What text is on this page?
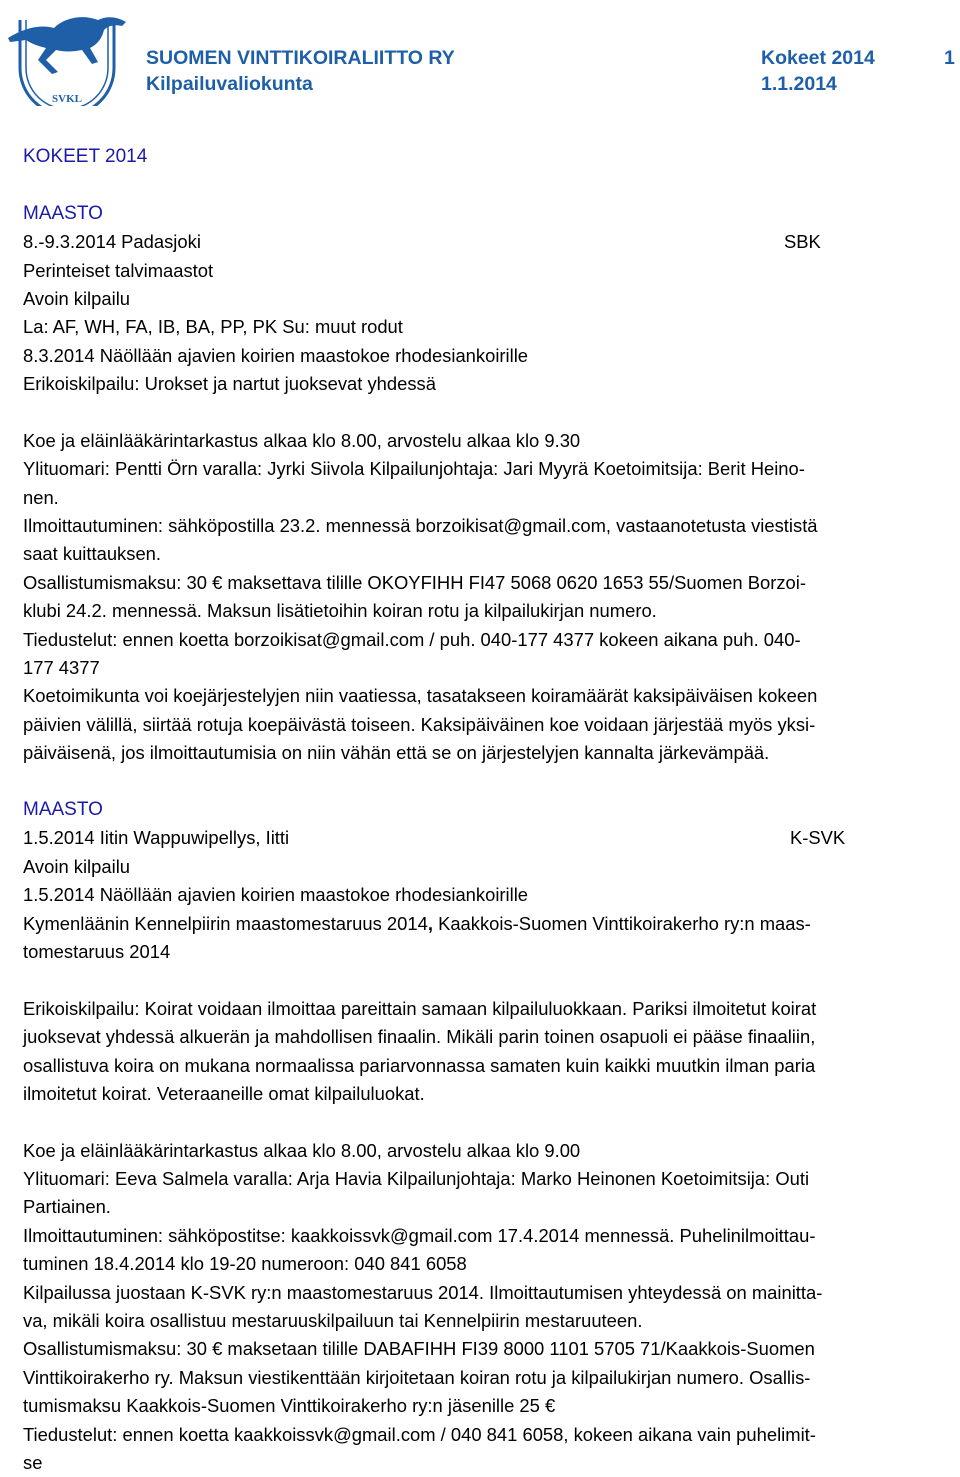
SVKL
SUOMEN VINTTIKOIRALIITTO RY
Kilpailuvaliokunta
Kokeet 2014
1.1.2014
1
KOKEET 2014
MAASTO
8.-9.3.2014 Padasjoki	SBK
Perinteiset talvimaastot
Avoin kilpailu
La: AF, WH, FA, IB, BA, PP, PK Su: muut rodut
8.3.2014 Näöllään ajavien koirien maastokoe rhodesiankoirille
Erikoiskilpailu: Urokset ja nartut juoksevat yhdessä
Koe ja eläinlääkärintarkastus alkaa klo 8.00, arvostelu alkaa klo 9.30
Ylituomari: Pentti Örn varalla: Jyrki Siivola Kilpailunjohtaja: Jari Myyrä Koetoimitsija: Berit Heino-
nen.
Ilmoittautuminen: sähköpostilla 23.2. mennessä borzoikisat@gmail.com, vastaanotetusta viestistä
saat kuittauksen.
Osallistumismaksu: 30 € maksettava tilille OKOYFIHH FI47 5068 0620 1653 55/Suomen Borzoi-
klubi 24.2. mennessä. Maksun lisätietoihin koiran rotu ja kilpailukirjan numero.
Tiedustelut: ennen koetta borzoikisat@gmail.com / puh. 040-177 4377 kokeen aikana puh. 040-
177 4377
Koetoimikunta voi koejärjestelyjen niin vaatiessa, tasatakseen koiramäärät kaksipäiväisen kokeen
päivien välillä, siirtää rotuja koepäivästä toiseen. Kaksipäiväinen koe voidaan järjestää myös yksi-
päiväisenä, jos ilmoittautumisia on niin vähän että se on järjestelyjen kannalta järkevämpää.
MAASTO
1.5.2014 Iitin Wappuwipellys, Iitti	K-SVK
Avoin kilpailu
1.5.2014 Näöllään ajavien koirien maastokoe rhodesiankoirille
Kymenläänin Kennelpiirin maastomestaruus 2014, Kaakkois-Suomen Vinttikoirakerho ry:n maas-
tomestaruus 2014
Erikoiskilpailu: Koirat voidaan ilmoittaa pareittain samaan kilpailuluokkaan. Pariksi ilmoitetut koirat
juoksevat yhdessä alkuerän ja mahdollisen finaalin. Mikäli parin toinen osapuoli ei pääse finaaliin,
osallistuva koira on mukana normaalissa pariarvonnassa samaten kuin kaikki muutkin ilman paria
ilmoitetut koirat. Veteraaneille omat kilpailuluokat.
Koe ja eläinlääkärintarkastus alkaa klo 8.00, arvostelu alkaa klo 9.00
Ylituomari: Eeva Salmela varalla: Arja Havia Kilpailunjohtaja: Marko Heinonen Koetoimitsija: Outi
Partiainen.
Ilmoittautuminen: sähköpostitse: kaakkoissvk@gmail.com 17.4.2014 mennessä. Puhelinilmoittau-
tuminen 18.4.2014 klo 19-20 numeroon: 040 841 6058
Kilpailussa juostaan K-SVK ry:n maastomestaruus 2014. Ilmoittautumisen yhteydessä on mainitta-
va, mikäli koira osallistuu mestaruuskilpailuun tai Kennelpiirin mestaruuteen.
Osallistumismaksu: 30 € maksetaan tilille DABAFIHH FI39 8000 1101 5705 71/Kaakkois-Suomen
Vinttikoirakerho ry. Maksun viestikenttään kirjoitetaan koiran rotu ja kilpailukirjan numero. Osallis-
tumismaksu Kaakkois-Suomen Vinttikoirakerho ry:n jäsenille 25 €
Tiedustelut: ennen koetta kaakkoissvk@gmail.com / 040 841 6058, kokeen aikana vain puhelimit-
se
